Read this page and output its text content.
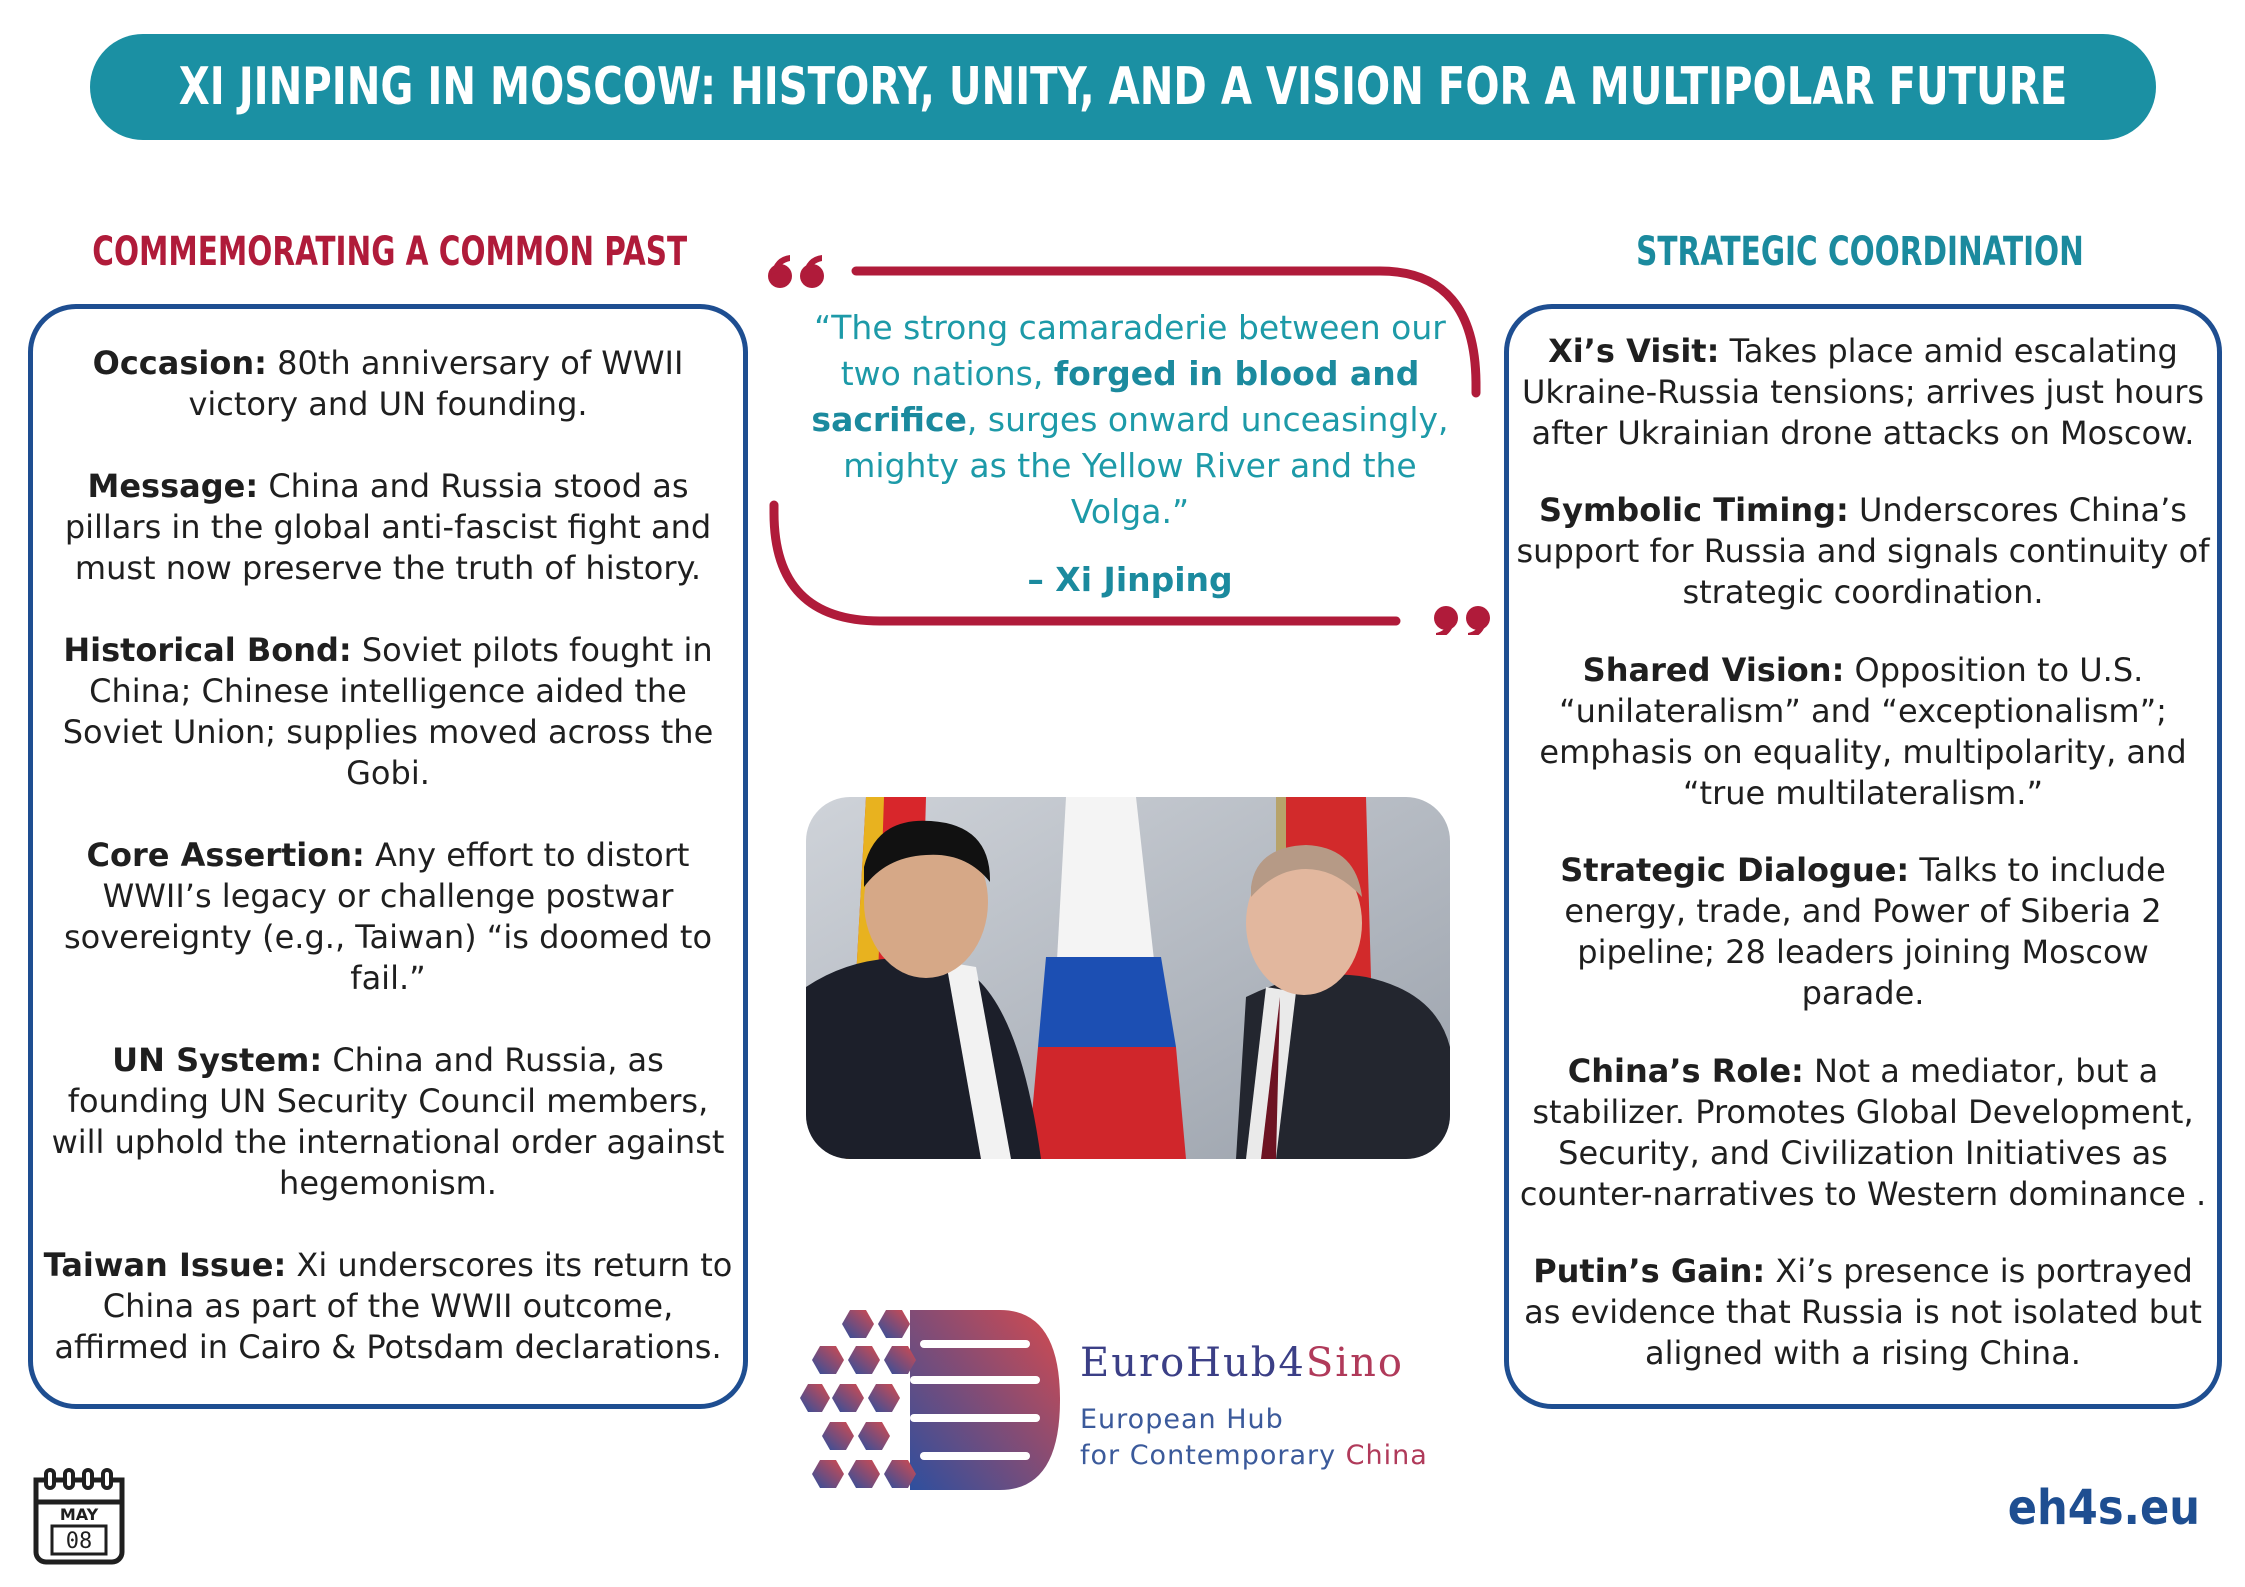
XI JINPING IN MOSCOW: HISTORY, UNITY, AND A VISION FOR A MULTIPOLAR FUTURE
COMMEMORATING A COMMON PAST	STRATEGIC COORDINATION

Occasion: 80th anniversary of WWII victory and UN founding.

Message: China and Russia stood as pillars in the global anti-fascist fight and must now preserve the truth of history.

Historical Bond: Soviet pilots fought in China; Chinese intelligence aided the Soviet Union; supplies moved across the Gobi.

Core Assertion: Any effort to distort WWII’s legacy or challenge postwar sovereignty (e.g., Taiwan) “is doomed to fail.”

UN System: China and Russia, as founding UN Security Council members, will uphold the international order against hegemonism.

Taiwan Issue: Xi underscores its return to China as part of the WWII outcome, affirmed in Cairo & Potsdam declarations.

Xi’s Visit: Takes place amid escalating Ukraine-Russia tensions; arrives just hours after Ukrainian drone attacks on Moscow.

Symbolic Timing: Underscores China’s support for Russia and signals continuity of strategic coordination.

Shared Vision: Opposition to U.S. “unilateralism” and “exceptionalism”; emphasis on equality, multipolarity, and “true multilateralism.”

Strategic Dialogue: Talks to include energy, trade, and Power of Siberia 2 pipeline; 28 leaders joining Moscow parade.

China’s Role: Not a mediator, but a stabilizer. Promotes Global Development, Security, and Civilization Initiatives as counter-narratives to Western dominance .

Putin’s Gain: Xi’s presence is portrayed as evidence that Russia is not isolated but aligned with a rising China.

“The strong camaraderie between our two nations, forged in blood and sacrifice, surges onward unceasingly, mighty as the Yellow River and the Volga.”

– Xi Jinping

EuroHub4Sino
European Hub
for Contemporary China
MAY
08
eh4s.eu
